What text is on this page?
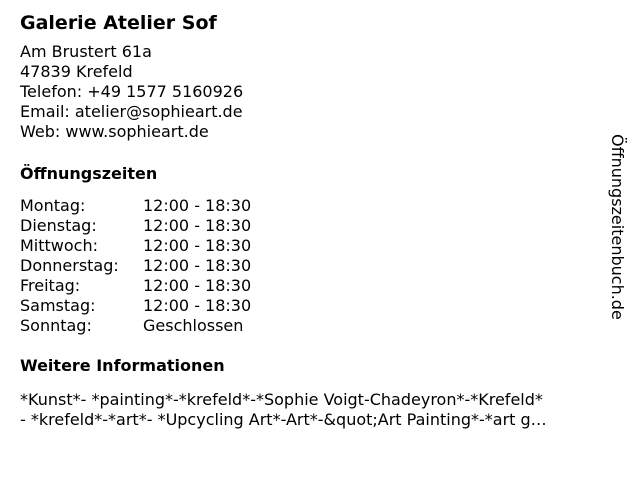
Galerie Atelier Sof
Am Brustert 61a
47839 Krefeld
Telefon: +49 1577 5160926
Email: atelier@sophieart.de
Web: www.sophieart.de
Öffnungszeiten
Montag:	12:00 - 18:30
Dienstag:	12:00 - 18:30
Mittwoch:	12:00 - 18:30
Donnerstag:	12:00 - 18:30
Freitag:	12:00 - 18:30
Samstag:	12:00 - 18:30
Sonntag:	Geschlossen
Weitere Informationen
*Kunst*- *painting*-*krefeld*-*Sophie Voigt-Chadeyron*-*Krefeld*
- *krefeld*-*art*- *Upcycling Art*-Art*-&quot;Art Painting*-*art g…
Öffnungszeitenbuch.de
